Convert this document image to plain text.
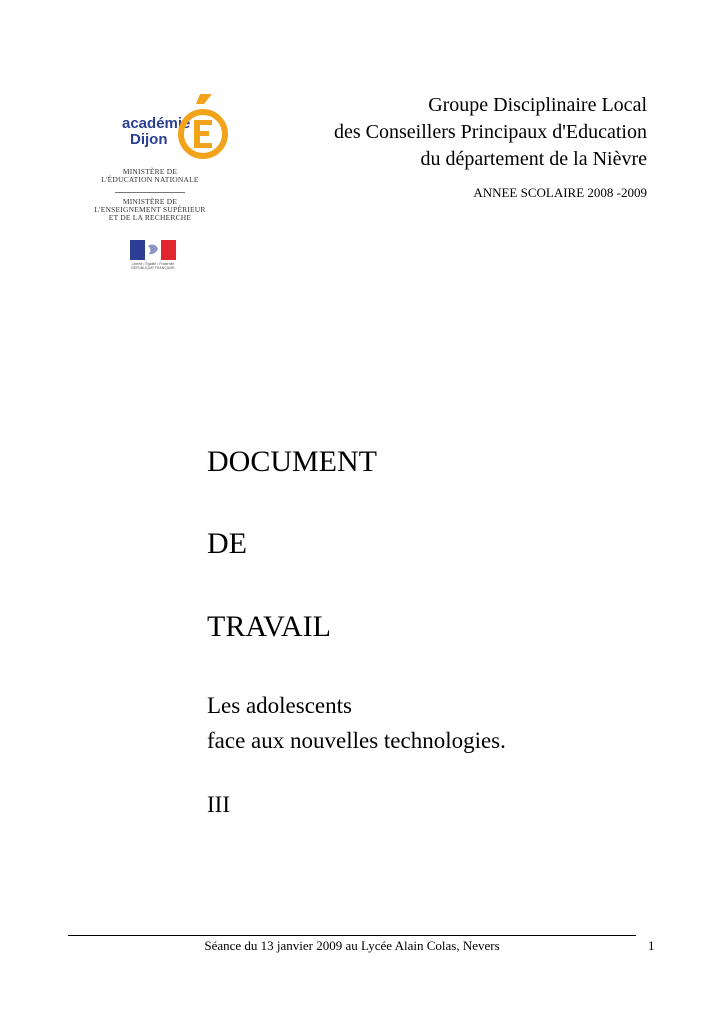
académie
Dijon
MINISTÈRE DE
L'ÉDUCATION NATIONALE
MINISTÈRE DE
L'ENSEIGNEMENT SUPÉRIEUR
ET DE LA RECHERCHE
Liberté • Égalité • Fraternité
RÉPUBLIQUE FRANÇAISE
Groupe Disciplinaire Local
des Conseillers Principaux d'Education
du département de la Nièvre
ANNEE SCOLAIRE 2008 -2009
DOCUMENT
DE
TRAVAIL
Les adolescents
face aux nouvelles technologies.
III
Séance du 13 janvier 2009 au Lycée Alain Colas, Nevers	1
